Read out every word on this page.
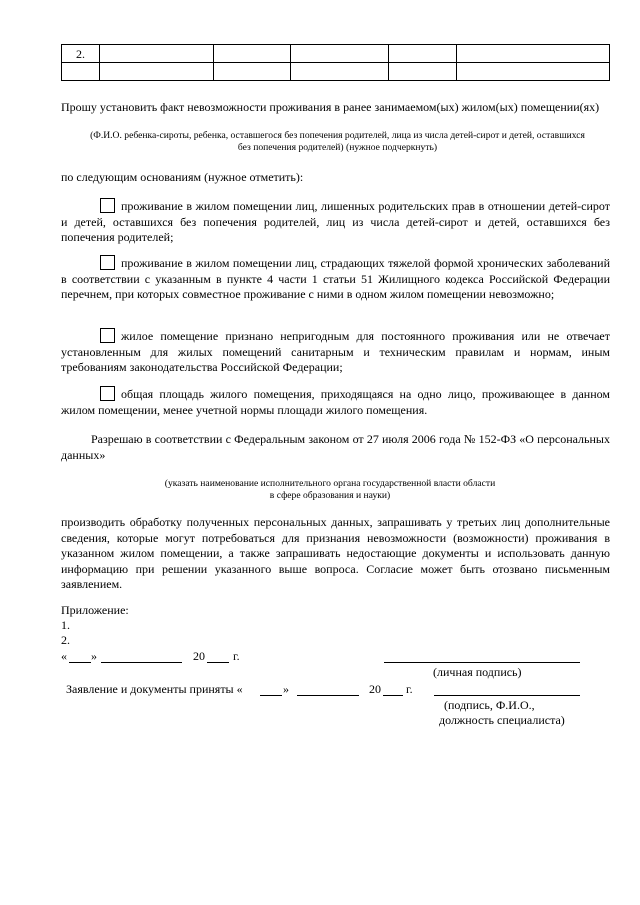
2.					

Прошу установить факт невозможности проживания в ранее занимаемом(ых) жилом(ых) помещении(ях)
(Ф.И.О. ребенка-сироты, ребенка, оставшегося без попечения родителей, лица из числа детей-сирот и детей, оставшихся без попечения родителей) (нужное подчеркнуть)
по следующим основаниям (нужное отметить):
проживание в жилом помещении лиц, лишенных родительских прав в отношении детей-сирот и детей, оставшихся без попечения родителей, лиц из числа детей-сирот и детей, оставшихся без попечения родителей;
проживание в жилом помещении лиц, страдающих тяжелой формой хронических заболеваний в соответствии с указанным в пункте 4 части 1 статьи 51 Жилищного кодекса Российской Федерации перечнем, при которых совместное проживание с ними в одном жилом помещении невозможно;
жилое помещение признано непригодным для постоянного проживания или не отвечает установленным для жилых помещений санитарным и техническим правилам и нормам, иным требованиям законодательства Российской Федерации;
общая площадь жилого помещения, приходящаяся на одно лицо, проживающее в данном жилом помещении, менее учетной нормы площади жилого помещения.
Разрешаю в соответствии с Федеральным законом от 27 июля 2006 года № 152-ФЗ «О персональных данных»
(указать наименование исполнительного органа государственной власти области
в сфере образования и науки)
производить обработку полученных персональных данных, запрашивать у третьих лиц дополнительные сведения, которые могут потребоваться для признания невозможности (возможности) проживания в указанном жилом помещении, а также запрашивать недостающие документы и использовать данную информацию при решении указанного выше вопроса. Согласие может быть отозвано письменным заявлением.
Приложение:
1.
2.
« »	20 г.
(личная подпись)
Заявление и документы приняты «	»	20 г.
(подпись, Ф.И.О.,
должность специалиста)
